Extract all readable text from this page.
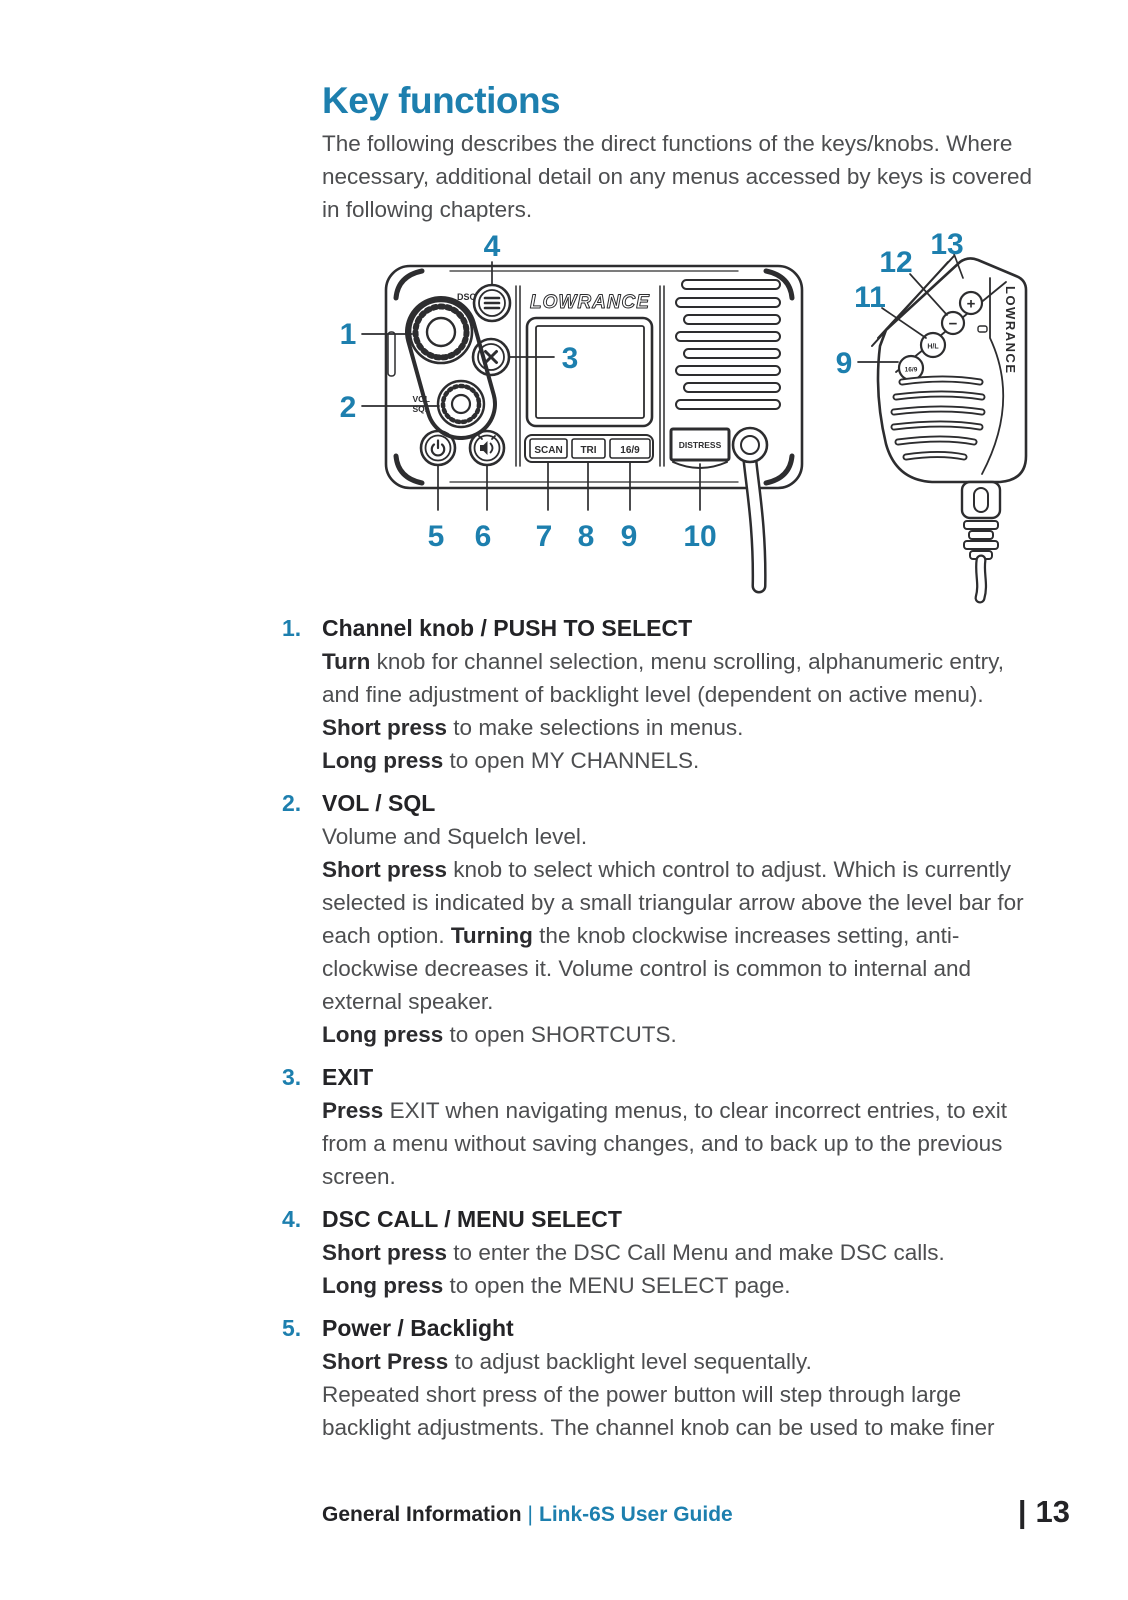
Key functions

The following describes the direct functions of the keys/knobs. Where necessary, additional detail on any menus accessed by keys is covered in following chapters.

LOWRANCE
SCAN TRI 16/9	DISTRESS
VOL
SQL
DSC	LOWRANCE
+
−
H/L
16/9
1
2
3
4
5 6 7 8 9 10
9
11
12
13
1. Channel knob / PUSH TO SELECT
Turn knob for channel selection, menu scrolling, alphanumeric entry, and fine adjustment of backlight level (dependent on active menu).
Short press to make selections in menus.
Long press to open MY CHANNELS.
2. VOL / SQL
Volume and Squelch level.
Short press knob to select which control to adjust. Which is currently selected is indicated by a small triangular arrow above the level bar for each option. Turning the knob clockwise increases setting, anti-clockwise decreases it. Volume control is common to internal and external speaker.
Long press to open SHORTCUTS.
3. EXIT
Press EXIT when navigating menus, to clear incorrect entries, to exit from a menu without saving changes, and to back up to the previous screen.
4. DSC CALL / MENU SELECT
Short press to enter the DSC Call Menu and make DSC calls.
Long press to open the MENU SELECT page.
5. Power / Backlight
Short Press to adjust backlight level sequentally.
Repeated short press of the power button will step through large backlight adjustments. The channel knob can be used to make finer
General Information | Link-6S User Guide	| 13
